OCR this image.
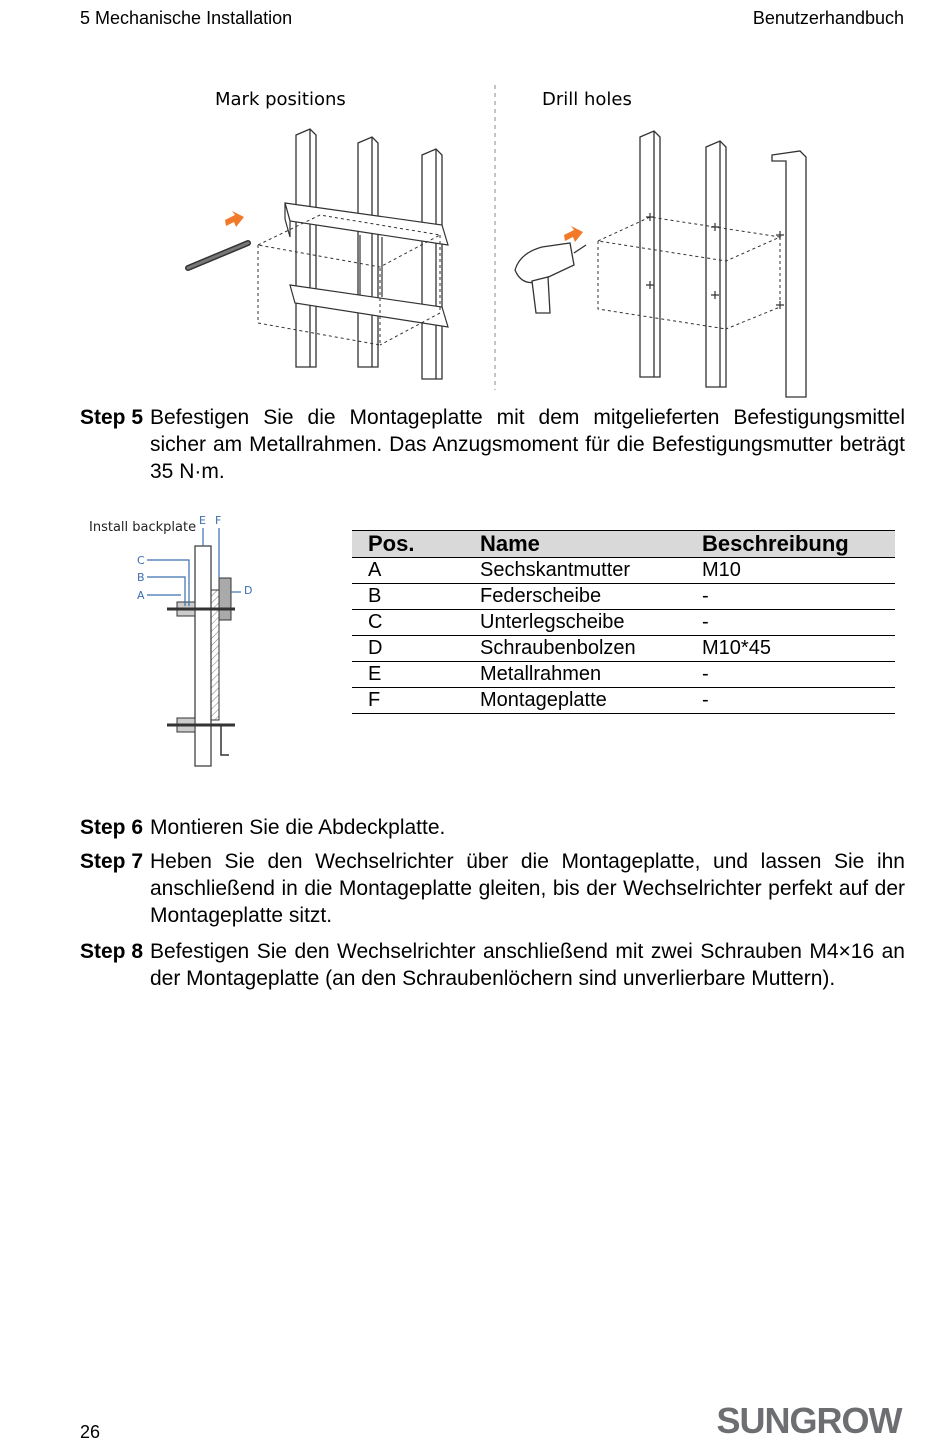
5 Mechanische Installation	Benutzerhandbuch
Mark positions	Drill holes
Step 5 Befestigen Sie die Montageplatte mit dem mitgelieferten Befestigungsmittel sicher am Metallrahmen. Das Anzugsmoment für die Befestigungsmutter beträgt 35 N·m.
Install backplate
C
B
A	D
E F
Pos.	Name	Beschreibung
A	Sechskantmutter	M10
B	Federscheibe	-
C	Unterlegscheibe	-
D	Schraubenbolzen	M10*45
E	Metallrahmen	-
F	Montageplatte	-
Step 6 Montieren Sie die Abdeckplatte.
Step 7 Heben Sie den Wechselrichter über die Montageplatte, und lassen Sie ihn anschließend in die Montageplatte gleiten, bis der Wechselrichter perfekt auf der Montageplatte sitzt.
Step 8 Befestigen Sie den Wechselrichter anschließend mit zwei Schrauben M4×16 an der Montageplatte (an den Schraubenlöchern sind unverlierbare Muttern).
26	SUNGROW
